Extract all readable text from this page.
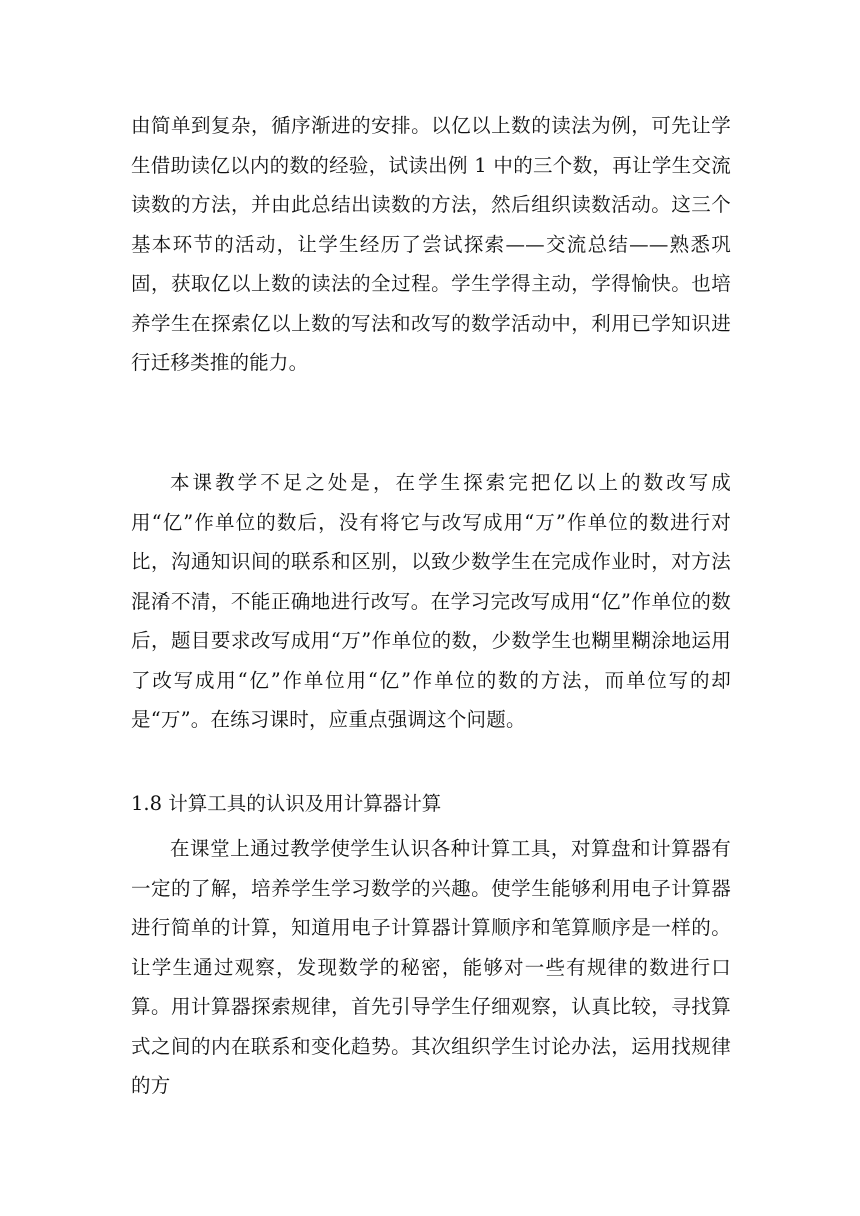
由简单到复杂，循序渐进的安排。以亿以上数的读法为例，可先让学生借助读亿以内的数的经验，试读出例 1 中的三个数，再让学生交流读数的方法，并由此总结出读数的方法，然后组织读数活动。这三个基本环节的活动，让学生经历了尝试探索——交流总结——熟悉巩固，获取亿以上数的读法的全过程。学生学得主动，学得愉快。也培养学生在探索亿以上数的写法和改写的数学活动中，利用已学知识进行迁移类推的能力。
本课教学不足之处是，在学生探索完把亿以上的数改写成用“亿”作单位的数后，没有将它与改写成用“万”作单位的数进行对比，沟通知识间的联系和区别，以致少数学生在完成作业时，对方法混淆不清，不能正确地进行改写。在学习完改写成用“亿”作单位的数后，题目要求改写成用“万”作单位的数，少数学生也糊里糊涂地运用了改写成用“亿”作单位用“亿”作单位的数的方法，而单位写的却是“万”。在练习课时，应重点强调这个问题。
1.8 计算工具的认识及用计算器计算
在课堂上通过教学使学生认识各种计算工具，对算盘和计算器有一定的了解，培养学生学习数学的兴趣。使学生能够利用电子计算器进行简单的计算，知道用电子计算器计算顺序和笔算顺序是一样的。让学生通过观察，发现数学的秘密，能够对一些有规律的数进行口算。用计算器探索规律，首先引导学生仔细观察，认真比较，寻找算式之间的内在联系和变化趋势。其次组织学生讨论办法，运用找规律的方
